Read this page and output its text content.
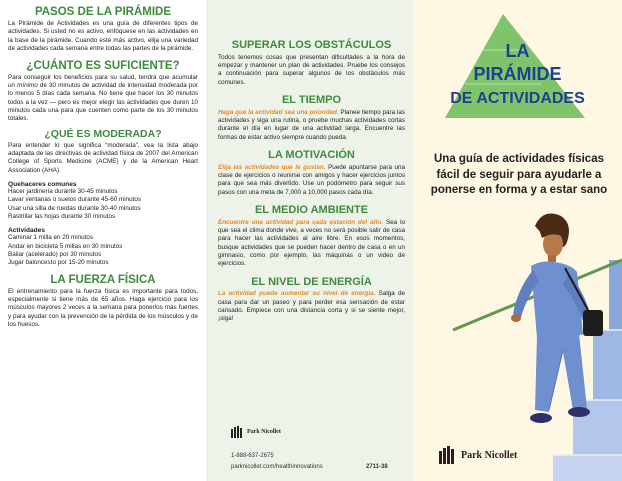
PASOS DE LA PIRÁMIDE

La Pirámide de Actividades es una guía de diferentes tipos de actividades. Si usted no es activo, enfóquese en las actividades en la base de la pirámide. Cuando esté más activo, elija una variedad de actividades cada semana entre todas las partes de la pirámide.

¿CUÁNTO ES SUFICIENTE?

Para conseguir los beneficios para su salud, tendrá que acumular un mínimo de 30 minutos de actividad de intensidad moderada por lo menos 5 días cada semana. No tiene que hacer los 30 minutos todos a la vez — pero es mejor elegir las actividades que duren 10 minutos cada una para que cuenten como parte de los 30 minutos totales.

¿QUÉ ES MODERADA?

Para entender lo que significa “moderada”, vea la lista abajo adaptada de las directivas de actividad física de 2007 del American College of Sports Medicine (ACME) y de la American Heart Association (AHA).

Quehaceres comunes
Hacer jardinería durante 30-45 minutos
Lavar ventanas o suelos durante 45-60 minutos
Usar una silla de ruedas durante 30-40 minutos
Rastrillar las hojas durante 30 minutos
Actividades
Caminar 1 milla en 20 minutos
Andar en bicicleta 5 millas en 30 minutos
Bailar (acelerado) por 30 minutos
Jugar baloncesto por 15-20 minutos
LA FUERZA FÍSICA

El entrenamiento para la fuerza física es importante para todos, especialmente si tiene más de 65 años. Haga ejercicio para los músculos mayores 2 veces a la semana para ponerlos más fuertes y para ayudar con la prevención de la pérdida de los músculos y de los huesos.

SUPERAR LOS OBSTÁCULOS

Todos tenemos cosas que presentan dificultades a la hora de empezar y mantener un plan de actividades. Pruebe los consejos a continuación para superar algunos de los obstáculos más comunes.

EL TIEMPO

Haga que la actividad sea una prioridad. Planee tiempo para las actividades y siga una rutina, o pruebe muchas actividades cortas durante el día en lugar de una actividad larga. Encuentre las formas de estar activo siempre cuando pueda.

LA MOTIVACIÓN

Elija las actividades que le gustan. Puede apuntarse para una clase de ejercicios o reunirse con amigos y hacer ejercicios juntos para que sea más divertido. Use un podómetro para seguir sus pasos con una meta de 7,000 a 10,000 pasos cada día.

EL MEDIO AMBIENTE

Encuentre una actividad para cada estación del año. Sea lo que sea el clima donde vive, a veces no será posible salir de casa para hacer las actividades al aire libre. En esos momentos, busque actividades que se pueden hacer dentro de casa o en un gimnasio, como por ejemplo, las máquinas o un video de ejercicios.

EL NIVEL DE ENERGÍA

La actividad puede aumentar su nivel de energía. Salga de casa para dar un paseo y para perder esa sensación de estar cansado. Empiece con una distancia corta y si se siente mejor, ¡siga!

Park Nicollet
1-888-637-2675
parknicollet.com/healthinnovations	2711-38
LA
PIRÁMIDE
DE ACTIVIDADES
Una guía de actividades físicas fácil de seguir para ayudarle a ponerse en forma y a estar sano
Park Nicollet
